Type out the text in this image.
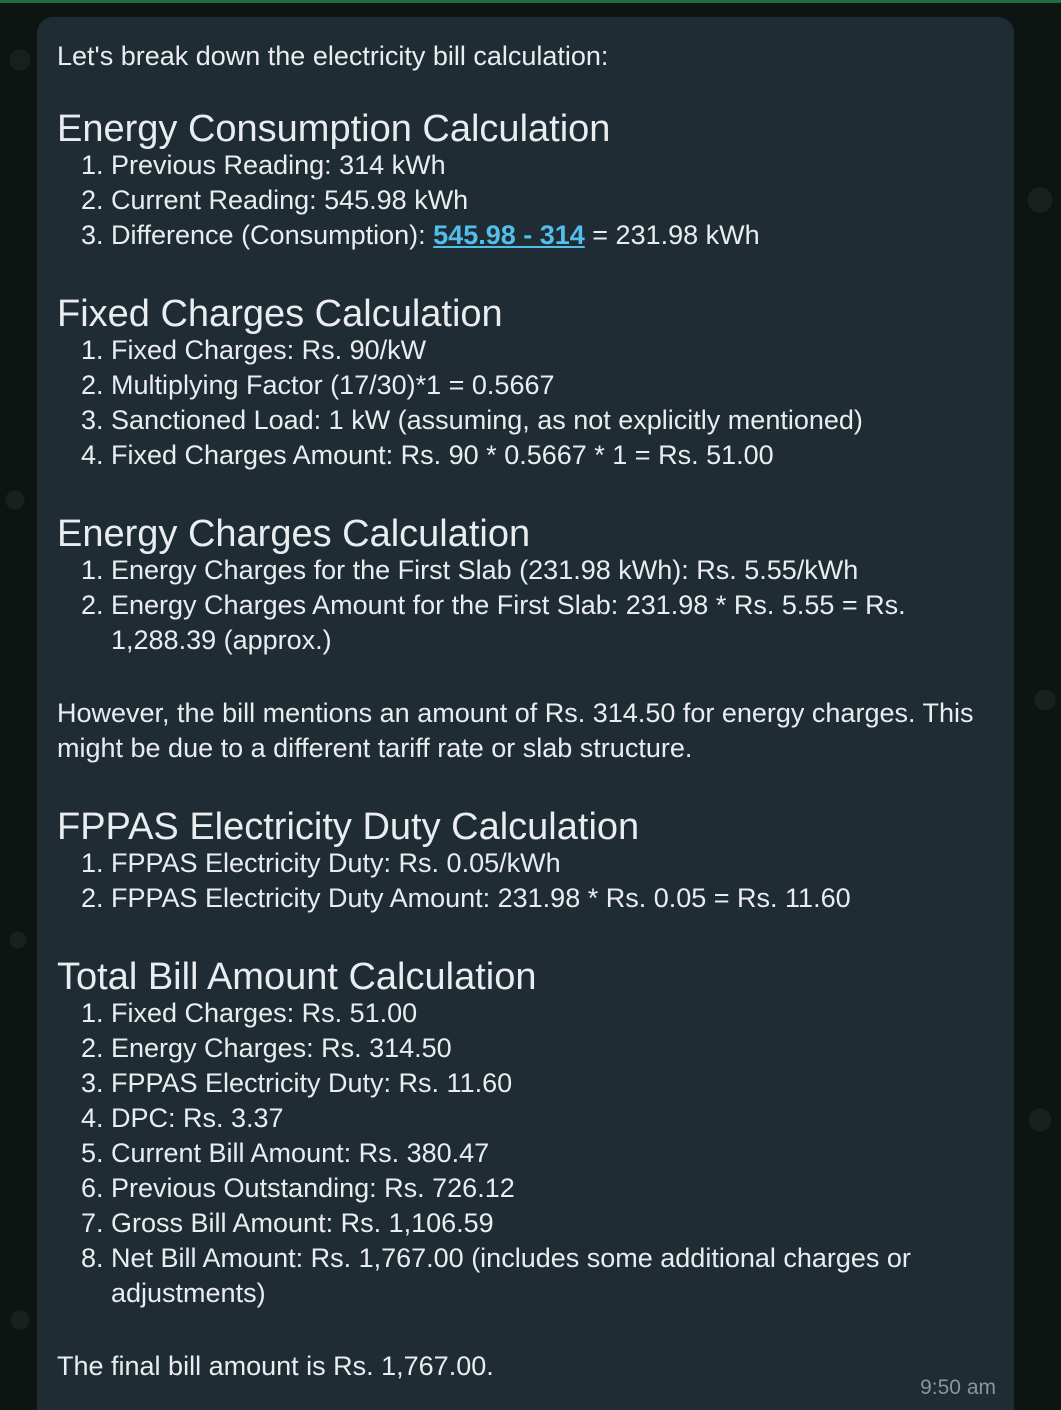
Let's break down the electricity bill calculation:

Energy Consumption Calculation
1. Previous Reading: 314 kWh
2. Current Reading: 545.98 kWh
3. Difference (Consumption): 545.98 - 314 = 231.98 kWh
Fixed Charges Calculation
1. Fixed Charges: Rs. 90/kW
2. Multiplying Factor (17/30)*1 = 0.5667
3. Sanctioned Load: 1 kW (assuming, as not explicitly mentioned)
4. Fixed Charges Amount: Rs. 90 * 0.5667 * 1 = Rs. 51.00
Energy Charges Calculation
1. Energy Charges for the First Slab (231.98 kWh): Rs. 5.55/kWh
2. Energy Charges Amount for the First Slab: 231.98 * Rs. 5.55 = Rs. 1,288.39 (approx.)

However, the bill mentions an amount of Rs. 314.50 for energy charges. This might be due to a different tariff rate or slab structure.

FPPAS Electricity Duty Calculation
1. FPPAS Electricity Duty: Rs. 0.05/kWh
2. FPPAS Electricity Duty Amount: 231.98 * Rs. 0.05 = Rs. 11.60
Total Bill Amount Calculation
1. Fixed Charges: Rs. 51.00
2. Energy Charges: Rs. 314.50
3. FPPAS Electricity Duty: Rs. 11.60
4. DPC: Rs. 3.37
5. Current Bill Amount: Rs. 380.47
6. Previous Outstanding: Rs. 726.12
7. Gross Bill Amount: Rs. 1,106.59
8. Net Bill Amount: Rs. 1,767.00 (includes some additional charges or adjustments)

The final bill amount is Rs. 1,767.00.

9:50 am
